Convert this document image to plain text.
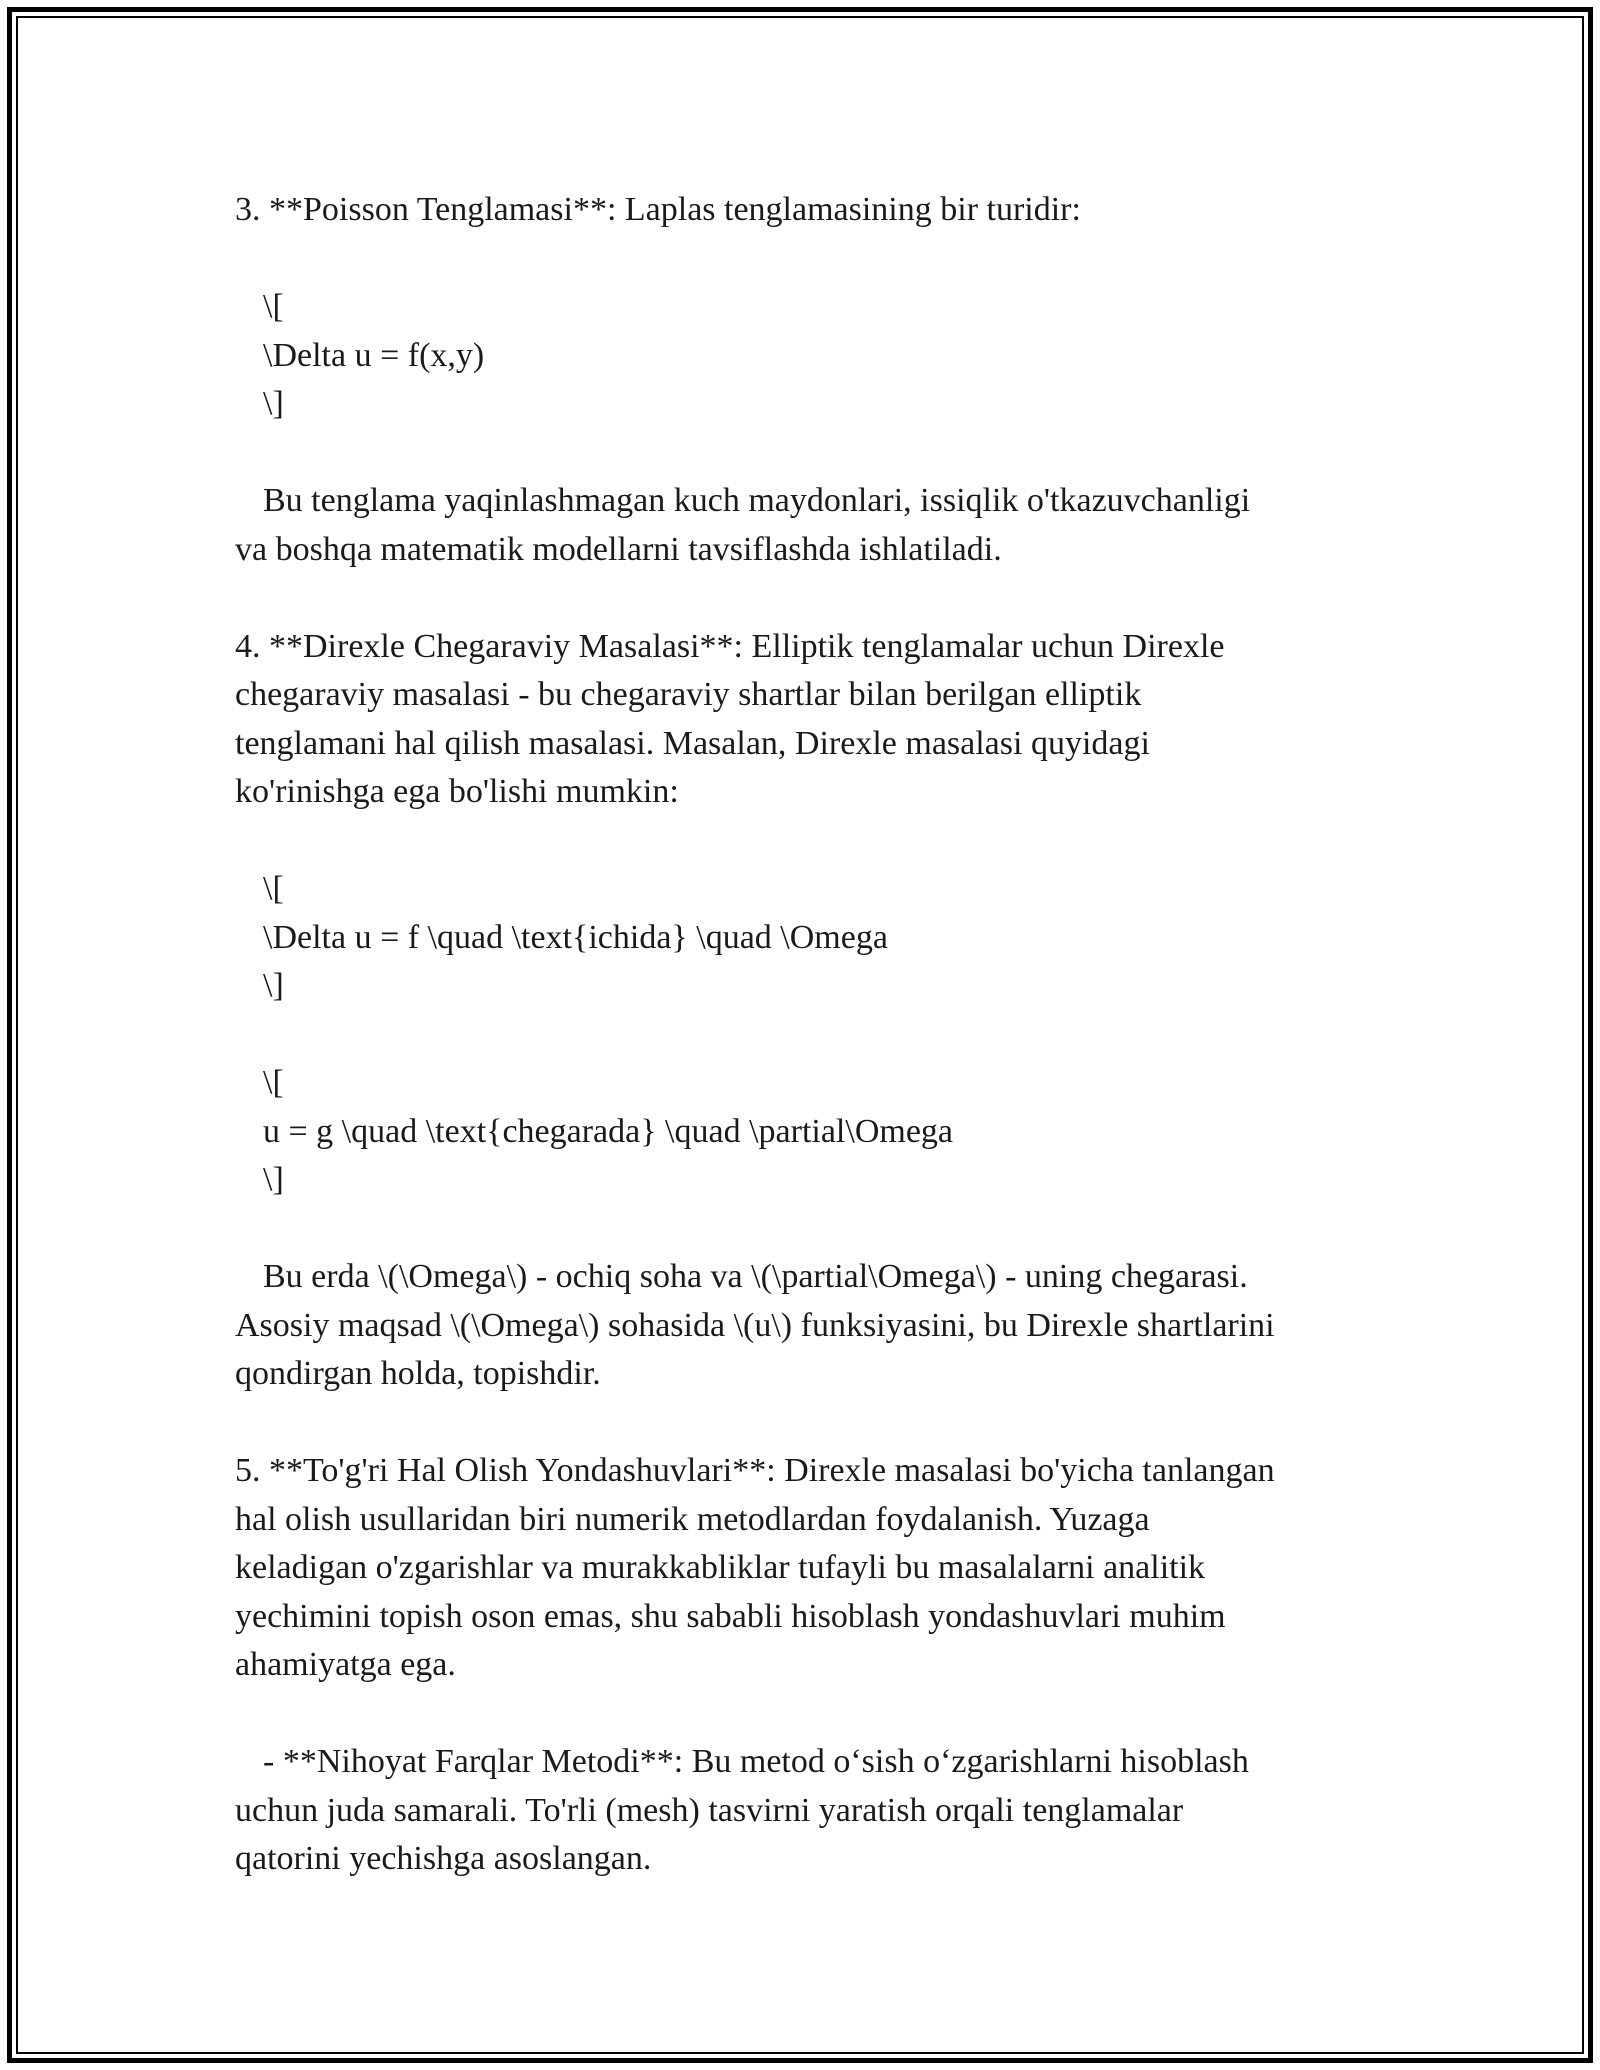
3. **Poisson Tenglamasi**: Laplas tenglamasining bir turidir:
\[
\Delta u = f(x,y)
\]
Bu tenglama yaqinlashmagan kuch maydonlari, issiqlik o'tkazuvchanligi
va boshqa matematik modellarni tavsiflashda ishlatiladi.
4. **Direxle Chegaraviy Masalasi**: Elliptik tenglamalar uchun Direxle
chegaraviy masalasi - bu chegaraviy shartlar bilan berilgan elliptik
tenglamani hal qilish masalasi. Masalan, Direxle masalasi quyidagi
ko'rinishga ega bo'lishi mumkin:
\[
\Delta u = f \quad \text{ichida} \quad \Omega
\]
\[
u = g \quad \text{chegarada} \quad \partial\Omega
\]
Bu erda \(\Omega\) - ochiq soha va \(\partial\Omega\) - uning chegarasi.
Asosiy maqsad \(\Omega\) sohasida \(u\) funksiyasini, bu Direxle shartlarini
qondirgan holda, topishdir.
5. **To'g'ri Hal Olish Yondashuvlari**: Direxle masalasi bo'yicha tanlangan
hal olish usullaridan biri numerik metodlardan foydalanish. Yuzaga
keladigan o'zgarishlar va murakkabliklar tufayli bu masalalarni analitik
yechimini topish oson emas, shu sababli hisoblash yondashuvlari muhim
ahamiyatga ega.
- **Nihoyat Farqlar Metodi**: Bu metod o‘sish o‘zgarishlarni hisoblash
uchun juda samarali. To'rli (mesh) tasvirni yaratish orqali tenglamalar
qatorini yechishga asoslangan.
